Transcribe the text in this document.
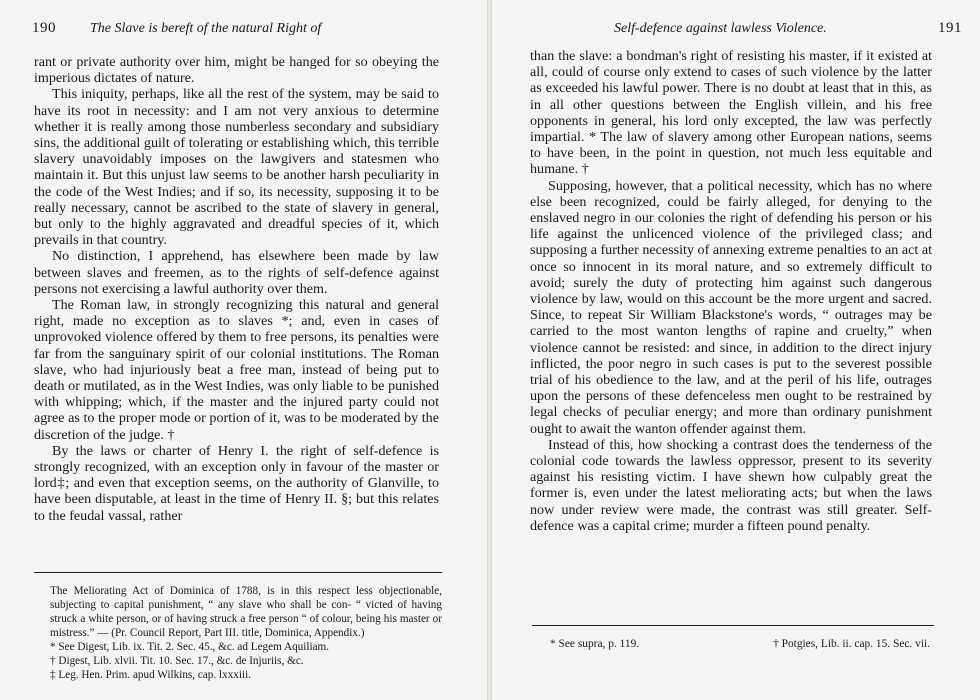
190 The Slave is bereft of the natural Right of

rant or private authority over him, might be hanged for so obeying the imperious dictates of nature.

This iniquity, perhaps, like all the rest of the system, may be said to have its root in necessity: and I am not very anxious to determine whether it is really among those numberless secondary and subsidiary sins, the additional guilt of tolerating or establishing which, this terrible slavery unavoidably imposes on the lawgivers and statesmen who maintain it. But this unjust law seems to be another harsh peculiarity in the code of the West Indies; and if so, its necessity, supposing it to be really necessary, cannot be ascribed to the state of slavery in general, but only to the highly aggravated and dreadful species of it, which prevails in that country.

No distinction, I apprehend, has elsewhere been made by law between slaves and freemen, as to the rights of self-defence against persons not exercising a lawful authority over them.

The Roman law, in strongly recognizing this natural and general right, made no exception as to slaves *; and, even in cases of unprovoked violence offered by them to free persons, its penalties were far from the sanguinary spirit of our colonial institutions. The Roman slave, who had injuriously beat a free man, instead of being put to death or mutilated, as in the West Indies, was only liable to be punished with whipping; which, if the master and the injured party could not agree as to the proper mode or portion of it, was to be moderated by the discretion of the judge. †

By the laws or charter of Henry I. the right of self-defence is strongly recognized, with an exception only in favour of the master or lord‡; and even that exception seems, on the authority of Glanville, to have been disputable, at least in the time of Henry II. §; but this relates to the feudal vassal, rather

The Meliorating Act of Dominica of 1788, is in this respect less objectionable, subjecting to capital punishment, “ any slave who shall be con- “ victed of having struck a white person, or of having struck a free person “ of colour, being his master or mistress.” — (Pr. Council Report, Part III. title, Dominica, Appendix.)

* See Digest, Lib. ix. Tit. 2. Sec. 45., &c. ad Legem Aquiliam.

† Digest, Lib. xlvii. Tit. 10. Sec. 17., &c. de Injuriis, &c.

‡ Leg. Hen. Prim. apud Wilkins, cap. lxxxiii.

Self-defence against lawless Violence.	191

than the slave: a bondman's right of resisting his master, if it existed at all, could of course only extend to cases of such violence by the latter as exceeded his lawful power. There is no doubt at least that in this, as in all other questions between the English villein, and his free opponents in general, his lord only excepted, the law was perfectly impartial. * The law of slavery among other European nations, seems to have been, in the point in question, not much less equitable and humane. †

Supposing, however, that a political necessity, which has no where else been recognized, could be fairly alleged, for denying to the enslaved negro in our colonies the right of defending his person or his life against the unlicenced violence of the privileged class; and supposing a further necessity of annexing extreme penalties to an act at once so innocent in its moral nature, and so extremely difficult to avoid; surely the duty of protecting him against such dangerous violence by law, would on this account be the more urgent and sacred. Since, to repeat Sir William Blackstone's words, “ outrages may be carried to the most wanton lengths of rapine and cruelty,” when violence cannot be resisted: and since, in addition to the direct injury inflicted, the poor negro in such cases is put to the severest possible trial of his obedience to the law, and at the peril of his life, outrages upon the persons of these defenceless men ought to be restrained by legal checks of peculiar energy; and more than ordinary punishment ought to await the wanton offender against them.

Instead of this, how shocking a contrast does the tenderness of the colonial code towards the lawless oppressor, present to its severity against his resisting victim. I have shewn how culpably great the former is, even under the latest meliorating acts; but when the laws now under review were made, the contrast was still greater. Self-defence was a capital crime; murder a fifteen pound penalty.

* See supra, p. 119.	† Potgies, Lib. ii. cap. 15. Sec. vii.
